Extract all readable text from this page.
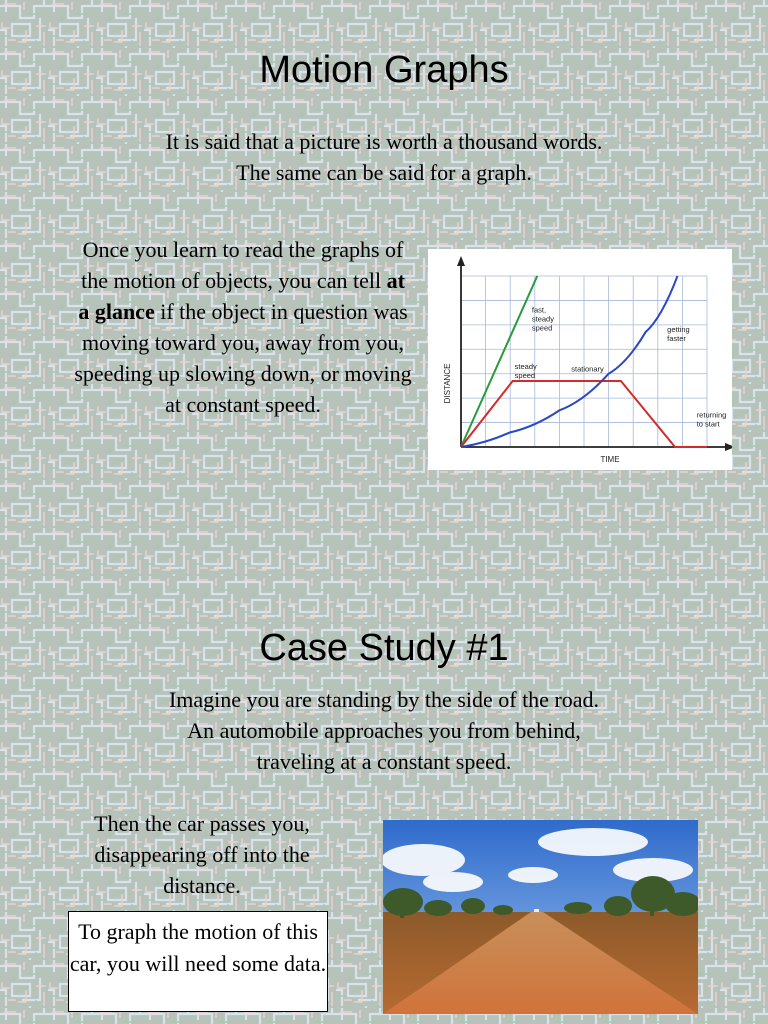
Motion Graphs
It is said that a picture is worth a thousand words.
The same can be said for a graph.
Once you learn to read the graphs of the motion of objects, you can tell at a glance if the object in question was moving toward you, away from you, speeding up slowing down, or moving at constant speed.
fast,
steady
speed	getting
faster
steady
speed
stationary
returning
to start
TIME
DISTANCE
Case Study #1
Imagine you are standing by the side of the road.
An automobile approaches you from behind,
traveling at a constant speed.
Then the car passes you, disappearing off into the distance.
To graph the motion of this car, you will need some data.
